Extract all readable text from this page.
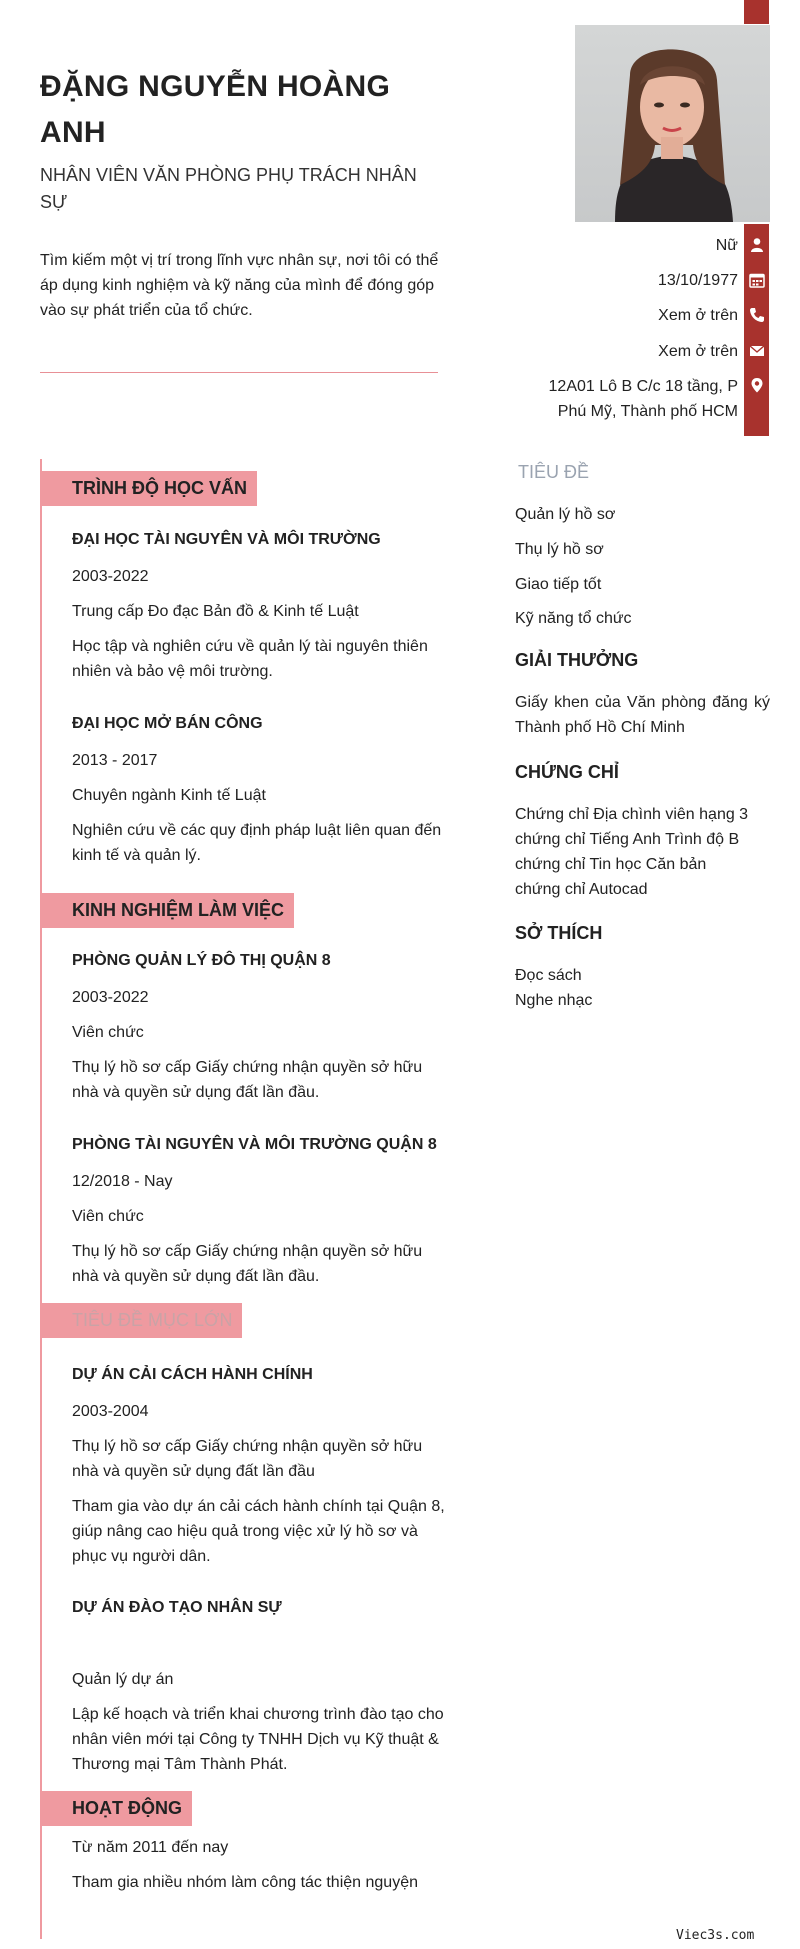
ĐẶNG NGUYỄN HOÀNG ANH
NHÂN VIÊN VĂN PHÒNG PHỤ TRÁCH NHÂN SỰ
Tìm kiếm một vị trí trong lĩnh vực nhân sự, nơi tôi có thể áp dụng kinh nghiệm và kỹ năng của mình để đóng góp vào sự phát triển của tổ chức.
Nữ
13/10/1977
Xem ở trên
Xem ở trên
12A01 Lô B C/c 18 tầng, P Phú Mỹ, Thành phố HCM
TRÌNH ĐỘ HỌC VẤN
ĐẠI HỌC TÀI NGUYÊN VÀ MÔI TRƯỜNG
2003-2022
Trung cấp Đo đạc Bản đồ & Kinh tế Luật
Học tập và nghiên cứu về quản lý tài nguyên thiên nhiên và bảo vệ môi trường.
ĐẠI HỌC MỞ BÁN CÔNG
2013 - 2017
Chuyên ngành Kinh tế Luật
Nghiên cứu về các quy định pháp luật liên quan đến kinh tế và quản lý.
KINH NGHIỆM LÀM VIỆC
PHÒNG QUẢN LÝ ĐÔ THỊ QUẬN 8
2003-2022
Viên chức
Thụ lý hồ sơ cấp Giấy chứng nhận quyền sở hữu nhà và quyền sử dụng đất lần đầu.
PHÒNG TÀI NGUYÊN VÀ MÔI TRƯỜNG QUẬN 8
12/2018 - Nay
Viên chức
Thụ lý hồ sơ cấp Giấy chứng nhận quyền sở hữu nhà và quyền sử dụng đất lần đầu.
TIÊU ĐỀ MỤC LỚN
DỰ ÁN CẢI CÁCH HÀNH CHÍNH
2003-2004
Thụ lý hồ sơ cấp Giấy chứng nhận quyền sở hữu nhà và quyền sử dụng đất lần đầu
Tham gia vào dự án cải cách hành chính tại Quận 8, giúp nâng cao hiệu quả trong việc xử lý hồ sơ và phục vụ người dân.
DỰ ÁN ĐÀO TẠO NHÂN SỰ
Quản lý dự án
Lập kế hoạch và triển khai chương trình đào tạo cho nhân viên mới tại Công ty TNHH Dịch vụ Kỹ thuật & Thương mại Tâm Thành Phát.
HOẠT ĐỘNG
Từ năm 2011 đến nay
Tham gia nhiều nhóm làm công tác thiện nguyện
TIÊU ĐỀ
Quản lý hồ sơ
Thụ lý hồ sơ
Giao tiếp tốt
Kỹ năng tổ chức
GIẢI THƯỞNG
Giấy khen của Văn phòng đăng ký Thành phố Hồ Chí Minh
CHỨNG CHỈ
Chứng chỉ Địa chình viên hạng 3
chứng chỉ Tiếng Anh Trình độ B
chứng chỉ Tin học Căn bản
chứng chỉ Autocad
SỞ THÍCH
Đọc sách
Nghe nhạc
Viec3s.com
